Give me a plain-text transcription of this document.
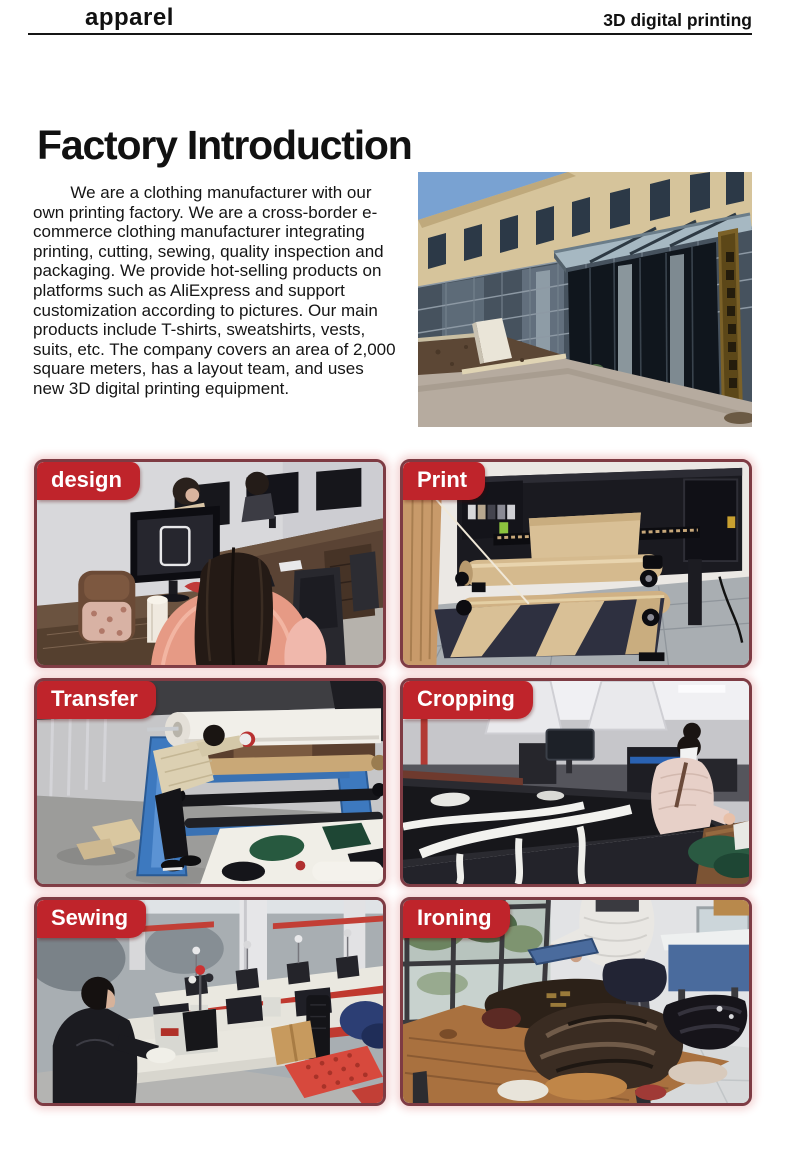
apparel	3D digital printing
Factory Introduction

We are a clothing manufacturer with our own printing factory. We are a cross-border e-commerce clothing manufacturer integrating printing, cutting, sewing, quality inspection and packaging. We provide hot-selling products on platforms such as AliExpress and support customization according to pictures. Our main products include T-shirts, sweatshirts, vests, suits, etc. The company covers an area of 2,000 square meters, has a layout team, and uses new 3D digital printing equipment.

design	Print
Transfer	Cropping
Sewing	Ironing
